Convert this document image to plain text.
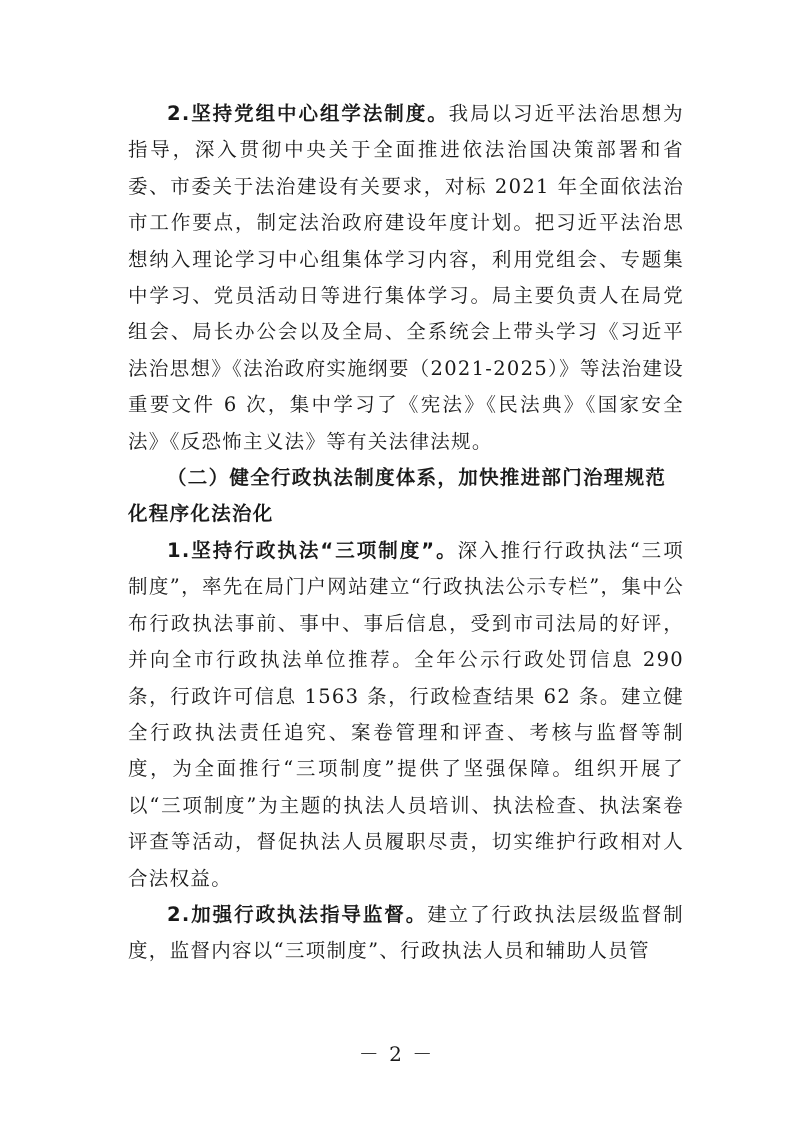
2.坚持党组中心组学法制度。我局以习近平法治思想为指导，深入贯彻中央关于全面推进依法治国决策部署和省委、市委关于法治建设有关要求，对标 2021 年全面依法治市工作要点，制定法治政府建设年度计划。把习近平法治思想纳入理论学习中心组集体学习内容，利用党组会、专题集中学习、党员活动日等进行集体学习。局主要负责人在局党组会、局长办公会以及全局、全系统会上带头学习《习近平法治思想》《法治政府实施纲要（2021-2025）》等法治建设重要文件 6 次，集中学习了《宪法》《民法典》《国家安全法》《反恐怖主义法》等有关法律法规。

（二）健全行政执法制度体系，加快推进部门治理规范化程序化法治化

1.坚持行政执法“三项制度”。深入推行行政执法“三项制度”，率先在局门户网站建立“行政执法公示专栏”，集中公布行政执法事前、事中、事后信息，受到市司法局的好评，并向全市行政执法单位推荐。全年公示行政处罚信息 290 条，行政许可信息 1563 条，行政检查结果 62 条。建立健全行政执法责任追究、案卷管理和评查、考核与监督等制度，为全面推行“三项制度”提供了坚强保障。组织开展了以“三项制度”为主题的执法人员培训、执法检查、执法案卷评查等活动，督促执法人员履职尽责，切实维护行政相对人合法权益。

2.加强行政执法指导监督。建立了行政执法层级监督制度，监督内容以“三项制度”、行政执法人员和辅助人员管

－ 2 －
